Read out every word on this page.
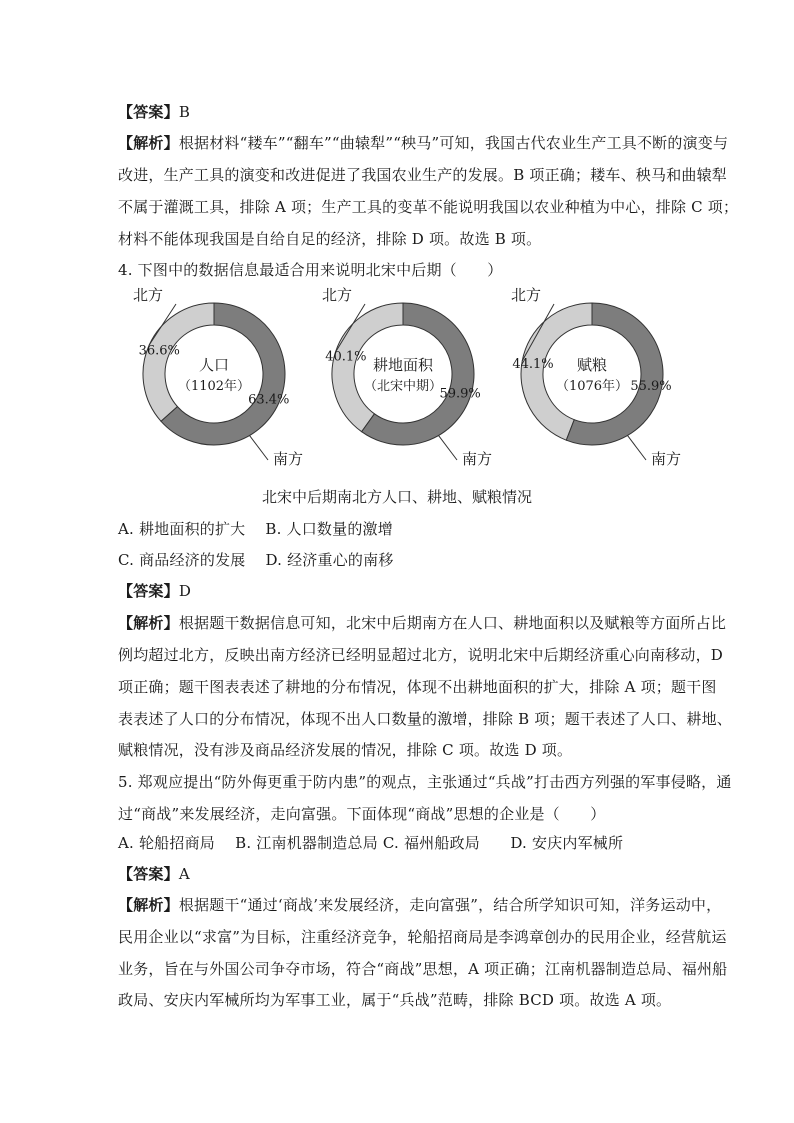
【答案】B
【解析】根据材料“耧车”“翻车”“曲辕犁”“秧马”可知，我国古代农业生产工具不断的演变与
改进，生产工具的演变和改进促进了我国农业生产的发展。B 项正确；耧车、秧马和曲辕犁
不属于灌溉工具，排除 A 项；生产工具的变革不能说明我国以农业种植为中心，排除 C 项；
材料不能体现我国是自给自足的经济，排除 D 项。故选 B 项。
4. 下图中的数据信息最适合用来说明北宋中后期（　　）
36.6%
63.4%
人口
（1102年）
北方
南方
40.1%
59.9%
耕地面积
（北宋中期）
北方
南方
44.1%
55.9%
赋粮
（1076年）
北方
南方
北宋中后期南北方人口、耕地、赋粮情况
A. 耕地面积的扩大 B. 人口数量的激增
C. 商品经济的发展 D. 经济重心的南移
【答案】D
【解析】根据题干数据信息可知，北宋中后期南方在人口、耕地面积以及赋粮等方面所占比
例均超过北方，反映出南方经济已经明显超过北方，说明北宋中后期经济重心向南移动，D
项正确；题干图表表述了耕地的分布情况，体现不出耕地面积的扩大，排除 A 项；题干图
表表述了人口的分布情况，体现不出人口数量的激增，排除 B 项；题干表述了人口、耕地、
赋粮情况，没有涉及商品经济发展的情况，排除 C 项。故选 D 项。
5. 郑观应提出“防外侮更重于防内患”的观点，主张通过“兵战”打击西方列强的军事侵略，通
过“商战”来发展经济，走向富强。下面体现“商战”思想的企业是（　　）
A. 轮船招商局　 B. 江南机器制造总局 C. 福州船政局　　D. 安庆内军械所
【答案】A
【解析】根据题干“通过‘商战’来发展经济，走向富强”，结合所学知识可知，洋务运动中，
民用企业以“求富”为目标，注重经济竞争，轮船招商局是李鸿章创办的民用企业，经营航运
业务，旨在与外国公司争夺市场，符合“商战”思想，A 项正确；江南机器制造总局、福州船
政局、安庆内军械所均为军事工业，属于“兵战”范畴，排除 BCD 项。故选 A 项。
